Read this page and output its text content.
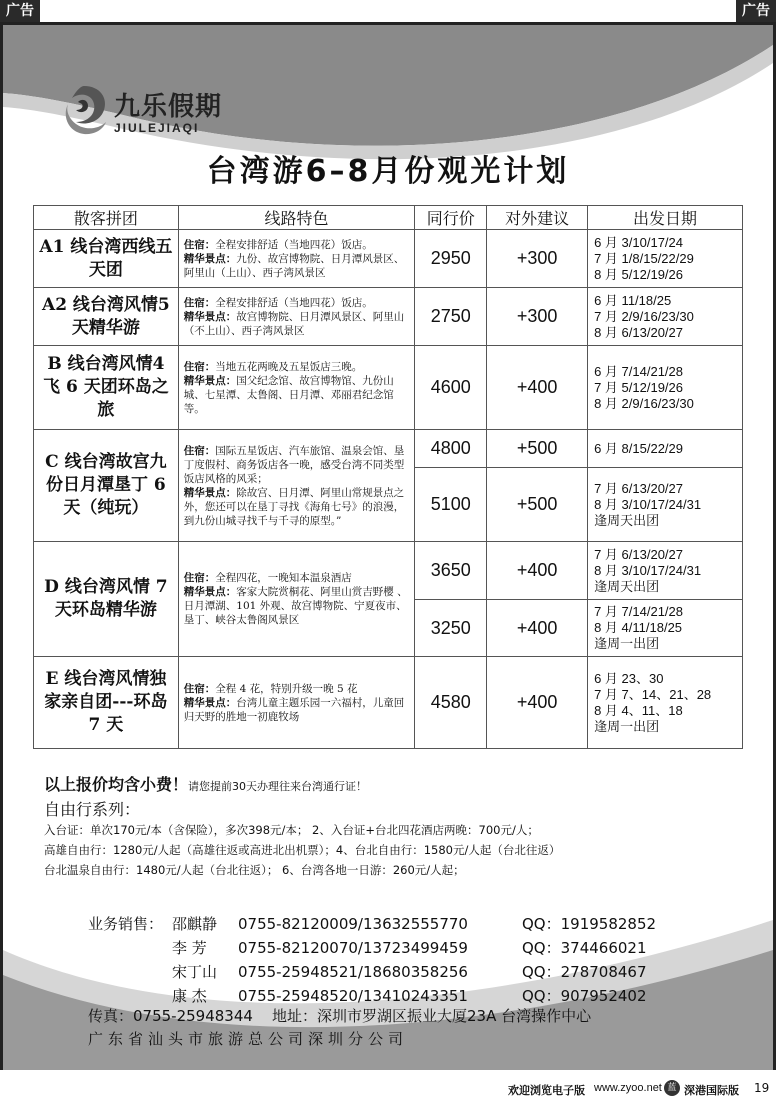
广告	广告
九乐假期
JIULEJIAQI
台湾游6–8月份观光计划
散客拼团	线路特色	同行价	对外建议	出发日期
A1 线台湾西线五天团	住宿：全程安排舒适（当地四花）饭店。
精华景点：九份、故宫博物院、日月潭风景区、阿里山（上山）、西子湾风景区	2950	+300	6 月 3/10/17/24
7 月 1/8/15/22/29
8 月 5/12/19/26

A2 线台湾风情5 天精华游	住宿：全程安排舒适（当地四花）饭店。
精华景点：故宫博物院、日月潭风景区、阿里山（不上山）、西子湾风景区	2750	+300	6 月 11/18/25
7 月 2/9/16/23/30
8 月 6/13/20/27

B 线台湾风情4 飞 6 天团环岛之旅	住宿：当地五花两晚及五星饭店三晚。
精华景点：国父纪念馆、故宫博物馆、九份山城、七星潭、太鲁阁、日月潭、邓丽君纪念馆等。	4600	+400	6 月 7/14/21/28
7 月 5/12/19/26
8 月 2/9/16/23/30

C 线台湾故宫九份日月潭垦丁 6 天（纯玩）	住宿：国际五星饭店、汽车旅馆、温泉会馆、垦丁度假村、商务饭店各一晚，感受台湾不同类型饭店风格的风采；
精华景点：除故宫、日月潭、阿里山常规景点之外，您还可以在垦丁寻找《海角七号》的浪漫，到九份山城寻找千与千寻的原型。”	4800	+500	6 月 8/15/22/29

		5100	+500	7 月 6/13/20/27
8 月 3/10/17/24/31
逢周天出团

D 线台湾风情 7 天环岛精华游	住宿：全程四花，一晚知本温泉酒店
精华景点：客家大院赏桐花、阿里山赏吉野樱 、日月潭湖、101 外观、故宫博物院、宁夏夜市、垦丁、峡谷太鲁阁风景区	3650	+400	7 月 6/13/20/27
8 月 3/10/17/24/31
逢周天出团

		3250	+400	7 月 7/14/21/28
8 月 4/11/18/25
逢周一出团

E 线台湾风情独家亲自团---环岛 7 天	住宿：全程 4 花，特别升级一晚 5 花
精华景点：台湾儿童主题乐园一六福村，儿童回归天野的胜地一初鹿牧场	4580	+400	6 月 23、30
7 月 7、14、21、28
8 月 4、11、18
逢周一出团
以上报价均含小费！请您提前30天办理往来台湾通行证！
自由行系列：
入台证：单次170元/本（含保险），多次398元/本； 2、入台证+台北四花酒店两晚：700元/人；
高雄自由行：1280元/人起（高雄往返或高进北出机票）；4、台北自由行：1580元/人起（台北往返）
台北温泉自由行：1480元/人起（台北往返）； 6、台湾各地一日游：260元/人起；
业务销售： 邵麒静	0755-82120009/13632555770	QQ：1919582852
李 芳	0755-82120070/13723499459	QQ：374466021
宋丁山	0755-25948521/18680358256	QQ：278708467
康 杰	0755-25948520/13410243351	QQ：907952402
传真：0755-25948344 地址：深圳市罗湖区振业大厦23A 台湾操作中心
广东省汕头市旅游总公司深圳分公司
欢迎浏览电子版 www.zyoo.net 蓝 深港国际版 19
